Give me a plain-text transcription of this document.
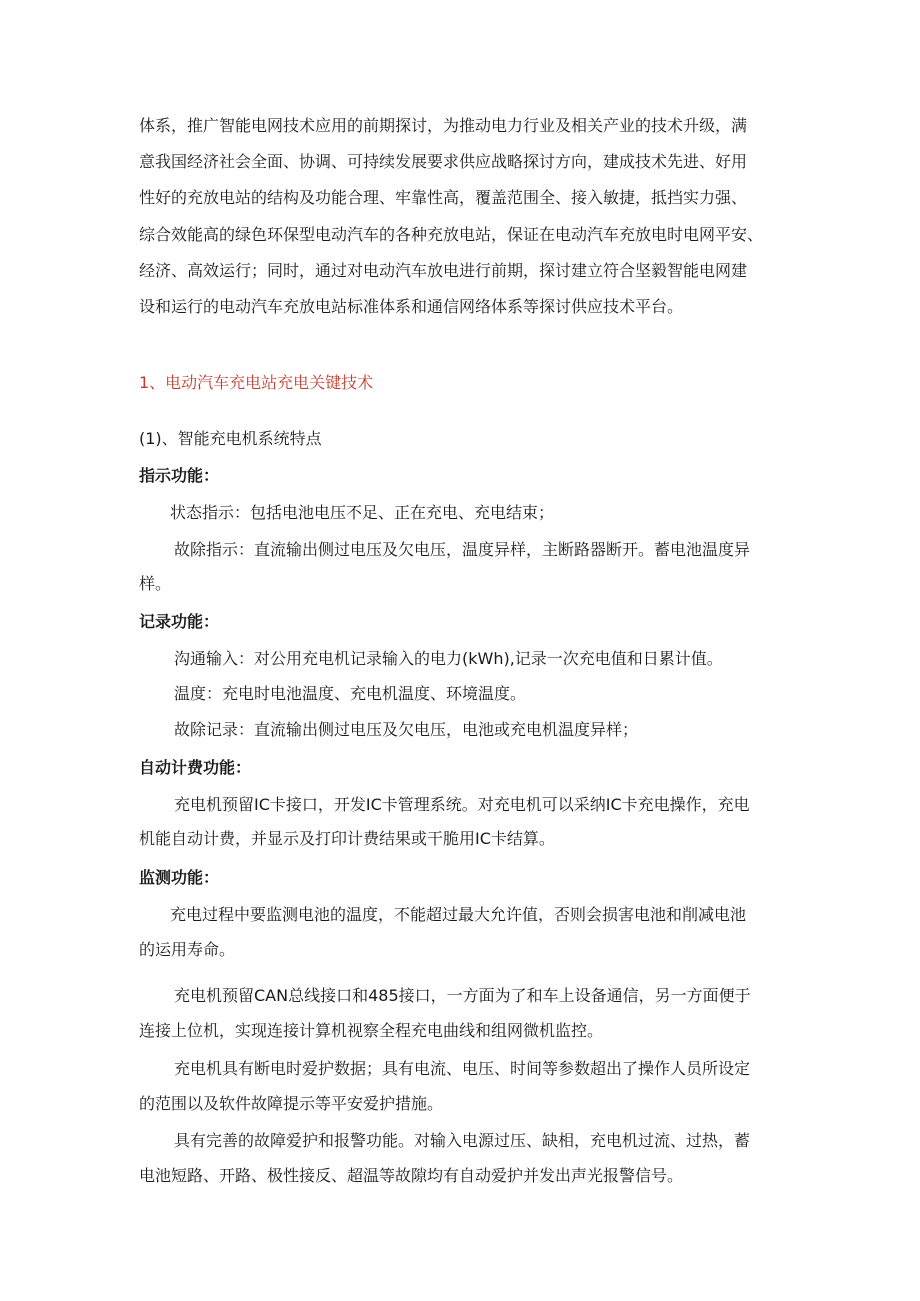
体系，推广智能电网技术应用的前期探讨，为推动电力行业及相关产业的技术升级，满
意我国经济社会全面、协调、可持续发展要求供应战略探讨方向，建成技术先进、好用
性好的充放电站的结构及功能合理、牢靠性高，覆盖范围全、接入敏捷，抵挡实力强、
综合效能高的绿色环保型电动汽车的各种充放电站，保证在电动汽车充放电时电网平安、
经济、高效运行；同时，通过对电动汽车放电进行前期，探讨建立符合坚毅智能电网建
设和运行的电动汽车充放电站标准体系和通信网络体系等探讨供应技术平台。
1、电动汽车充电站充电关键技术
(1)、智能充电机系统特点
指示功能：
状态指示：包括电池电压不足、正在充电、充电结束；
故除指示：直流输出侧过电压及欠电压，温度异样，主断路器断开。蓄电池温度异
样。
记录功能：
沟通输入：对公用充电机记录输入的电力(kWh),记录一次充电值和日累计值。
温度：充电时电池温度、充电机温度、环境温度。
故除记录：直流输出侧过电压及欠电压，电池或充电机温度异样；
自动计费功能：
充电机预留IC卡接口，开发IC卡管理系统。对充电机可以采纳IC卡充电操作，充电
机能自动计费，并显示及打印计费结果或干脆用IC卡结算。
监测功能：
充电过程中要监测电池的温度，不能超过最大允许值，否则会损害电池和削减电池
的运用寿命。
充电机预留CAN总线接口和485接口，一方面为了和车上设备通信，另一方面便于
连接上位机，实现连接计算机视察全程充电曲线和组网微机监控。
充电机具有断电时爱护数据；具有电流、电压、时间等参数超出了操作人员所设定
的范围以及软件故障提示等平安爱护措施。
具有完善的故障爱护和报警功能。对输入电源过压、缺相，充电机过流、过热，蓄
电池短路、开路、极性接反、超温等故隙均有自动爱护并发出声光报警信号。
